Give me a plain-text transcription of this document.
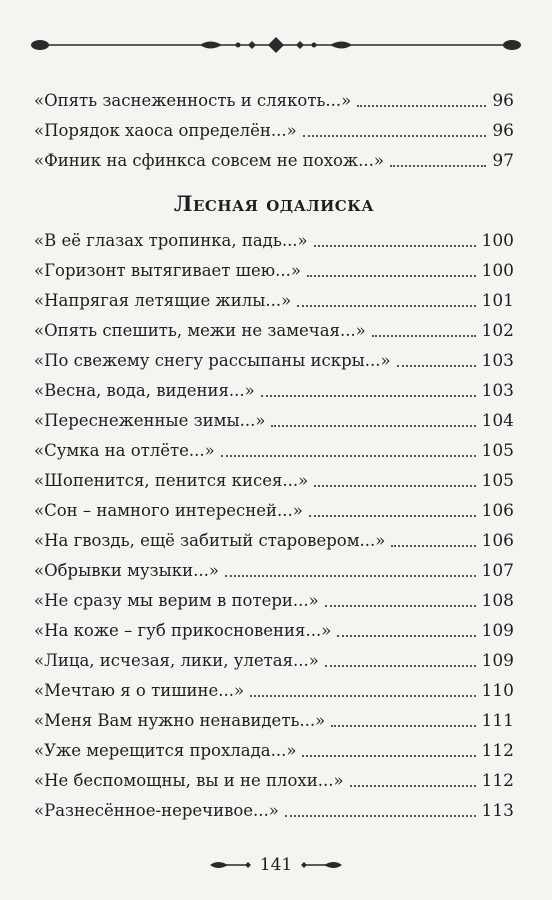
«Опять заснеженность и слякоть...»	96
«Порядок хаоса определён...»	96
«Финик на сфинкса совсем не похож...»	97
Лесная одалиска
«В её глазах тропинка, падь...»	100
«Горизонт вытягивает шею...»	100
«Напрягая летящие жилы...»	101
«Опять спешить, межи не замечая...»	102
«По свежему снегу рассыпаны искры...»	103
«Весна, вода, видения...»	103
«Переснеженные зимы...»	104
«Сумка на отлёте...»	105
«Шопенится, пенится кисея...»	105
«Сон – намного интересней...»	106
«На гвоздь, ещё забитый старовером...»	106
«Обрывки музыки...»	107
«Не сразу мы верим в потери...»	108
«На коже – губ прикосновения...»	109
«Лица, исчезая, лики, улетая...»	109
«Мечтаю я о тишине...»	110
«Меня Вам нужно ненавидеть...»	111
«Уже мерещится прохлада...»	112
«Не беспомощны, вы и не плохи...»	112
«Разнесённое-неречивое...»	113
141
